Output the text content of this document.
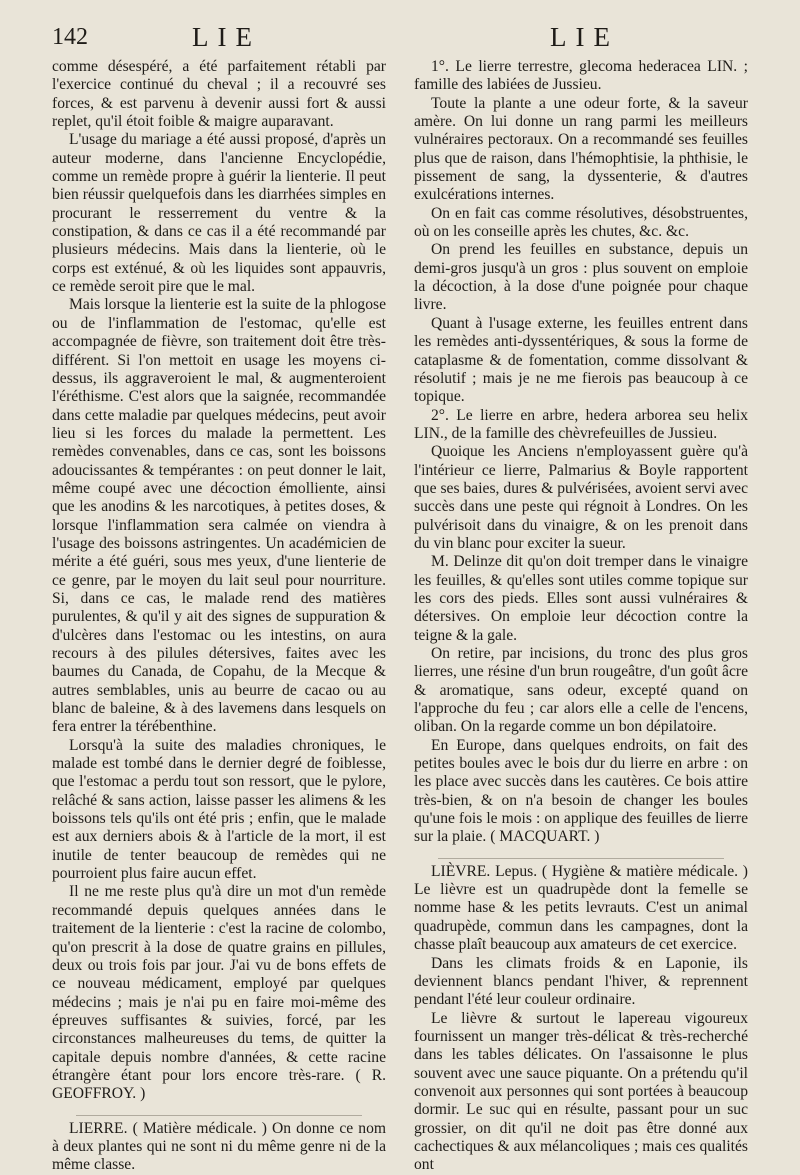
142	LIE	LIE

comme désespéré, a été parfaitement rétabli par l'exercice continué du cheval ; il a recouvré ses forces, & est parvenu à devenir aussi fort & aussi replet, qu'il étoit foible & maigre auparavant.

L'usage du mariage a été aussi proposé, d'après un auteur moderne, dans l'ancienne Encyclopédie, comme un remède propre à guérir la lienterie. Il peut bien réussir quelquefois dans les diarrhées simples en procurant le resserrement du ventre & la constipation, & dans ce cas il a été recommandé par plusieurs médecins. Mais dans la lienterie, où le corps est exténué, & où les liquides sont appauvris, ce remède seroit pire que le mal.

Mais lorsque la lienterie est la suite de la phlogose ou de l'inflammation de l'estomac, qu'elle est accompagnée de fièvre, son traitement doit être très-différent. Si l'on mettoit en usage les moyens ci-dessus, ils aggraveroient le mal, & augmenteroient l'éréthisme. C'est alors que la saignée, recommandée dans cette maladie par quelques médecins, peut avoir lieu si les forces du malade la permettent. Les remèdes convenables, dans ce cas, sont les boissons adoucissantes & tempérantes : on peut donner le lait, même coupé avec une décoction émolliente, ainsi que les anodins & les narcotiques, à petites doses, & lorsque l'inflammation sera calmée on viendra à l'usage des boissons astringentes. Un académicien de mérite a été guéri, sous mes yeux, d'une lienterie de ce genre, par le moyen du lait seul pour nourriture. Si, dans ce cas, le malade rend des matières purulentes, & qu'il y ait des signes de suppuration & d'ulcères dans l'estomac ou les intestins, on aura recours à des pilules détersives, faites avec les baumes du Canada, de Copahu, de la Mecque & autres semblables, unis au beurre de cacao ou au blanc de baleine, & à des lavemens dans lesquels on fera entrer la térébenthine.

Lorsqu'à la suite des maladies chroniques, le malade est tombé dans le dernier degré de foiblesse, que l'estomac a perdu tout son ressort, que le pylore, relâché & sans action, laisse passer les alimens & les boissons tels qu'ils ont été pris ; enfin, que le malade est aux derniers abois & à l'article de la mort, il est inutile de tenter beaucoup de remèdes qui ne pourroient plus faire aucun effet.

Il ne me reste plus qu'à dire un mot d'un remède recommandé depuis quelques années dans le traitement de la lienterie : c'est la racine de colombo, qu'on prescrit à la dose de quatre grains en pillules, deux ou trois fois par jour. J'ai vu de bons effets de ce nouveau médicament, employé par quelques médecins ; mais je n'ai pu en faire moi-même des épreuves suffisantes & suivies, forcé, par les circonstances malheureuses du tems, de quitter la capitale depuis nombre d'années, & cette racine étrangère étant pour lors encore très-rare. ( R. GEOFFROY. )

LIERRE. ( Matière médicale. ) On donne ce nom à deux plantes qui ne sont ni du même genre ni de la même classe.

1°. Le lierre terrestre, glecoma hederacea LIN. ; famille des labiées de Jussieu.

Toute la plante a une odeur forte, & la saveur amère. On lui donne un rang parmi les meilleurs vulnéraires pectoraux. On a recommandé ses feuilles plus que de raison, dans l'hémophtisie, la phthisie, le pissement de sang, la dyssenterie, & d'autres exulcérations internes.

On en fait cas comme résolutives, désobstruentes, où on les conseille après les chutes, &c. &c.

On prend les feuilles en substance, depuis un demi-gros jusqu'à un gros : plus souvent on emploie la décoction, à la dose d'une poignée pour chaque livre.

Quant à l'usage externe, les feuilles entrent dans les remèdes anti-dyssentériques, & sous la forme de cataplasme & de fomentation, comme dissolvant & résolutif ; mais je ne me fierois pas beaucoup à ce topique.

2°. Le lierre en arbre, hedera arborea seu helix LIN., de la famille des chèvrefeuilles de Jussieu.

Quoique les Anciens n'employassent guère qu'à l'intérieur ce lierre, Palmarius & Boyle rapportent que ses baies, dures & pulvérisées, avoient servi avec succès dans une peste qui régnoit à Londres. On les pulvérisoit dans du vinaigre, & on les prenoit dans du vin blanc pour exciter la sueur.

M. Delinze dit qu'on doit tremper dans le vinaigre les feuilles, & qu'elles sont utiles comme topique sur les cors des pieds. Elles sont aussi vulnéraires & détersives. On emploie leur décoction contre la teigne & la gale.

On retire, par incisions, du tronc des plus gros lierres, une résine d'un brun rougeâtre, d'un goût âcre & aromatique, sans odeur, excepté quand on l'approche du feu ; car alors elle a celle de l'encens, oliban. On la regarde comme un bon dépilatoire.

En Europe, dans quelques endroits, on fait des petites boules avec le bois dur du lierre en arbre : on les place avec succès dans les cautères. Ce bois attire très-bien, & on n'a besoin de changer les boules qu'une fois le mois : on applique des feuilles de lierre sur la plaie. ( MACQUART. )

LIÈVRE. Lepus. ( Hygiène & matière médicale. ) Le lièvre est un quadrupède dont la femelle se nomme hase & les petits levrauts. C'est un animal quadrupède, commun dans les campagnes, dont la chasse plaît beaucoup aux amateurs de cet exercice.

Dans les climats froids & en Laponie, ils deviennent blancs pendant l'hiver, & reprennent pendant l'été leur couleur ordinaire.

Le lièvre & surtout le lapereau vigoureux fournissent un manger très-délicat & très-recherché dans les tables délicates. On l'assaisonne le plus souvent avec une sauce piquante. On a prétendu qu'il convenoit aux personnes qui sont portées à beaucoup dormir. Le suc qui en résulte, passant pour un suc grossier, on dit qu'il ne doit pas être donné aux cachectiques & aux mélancoliques ; mais ces qualités ont
